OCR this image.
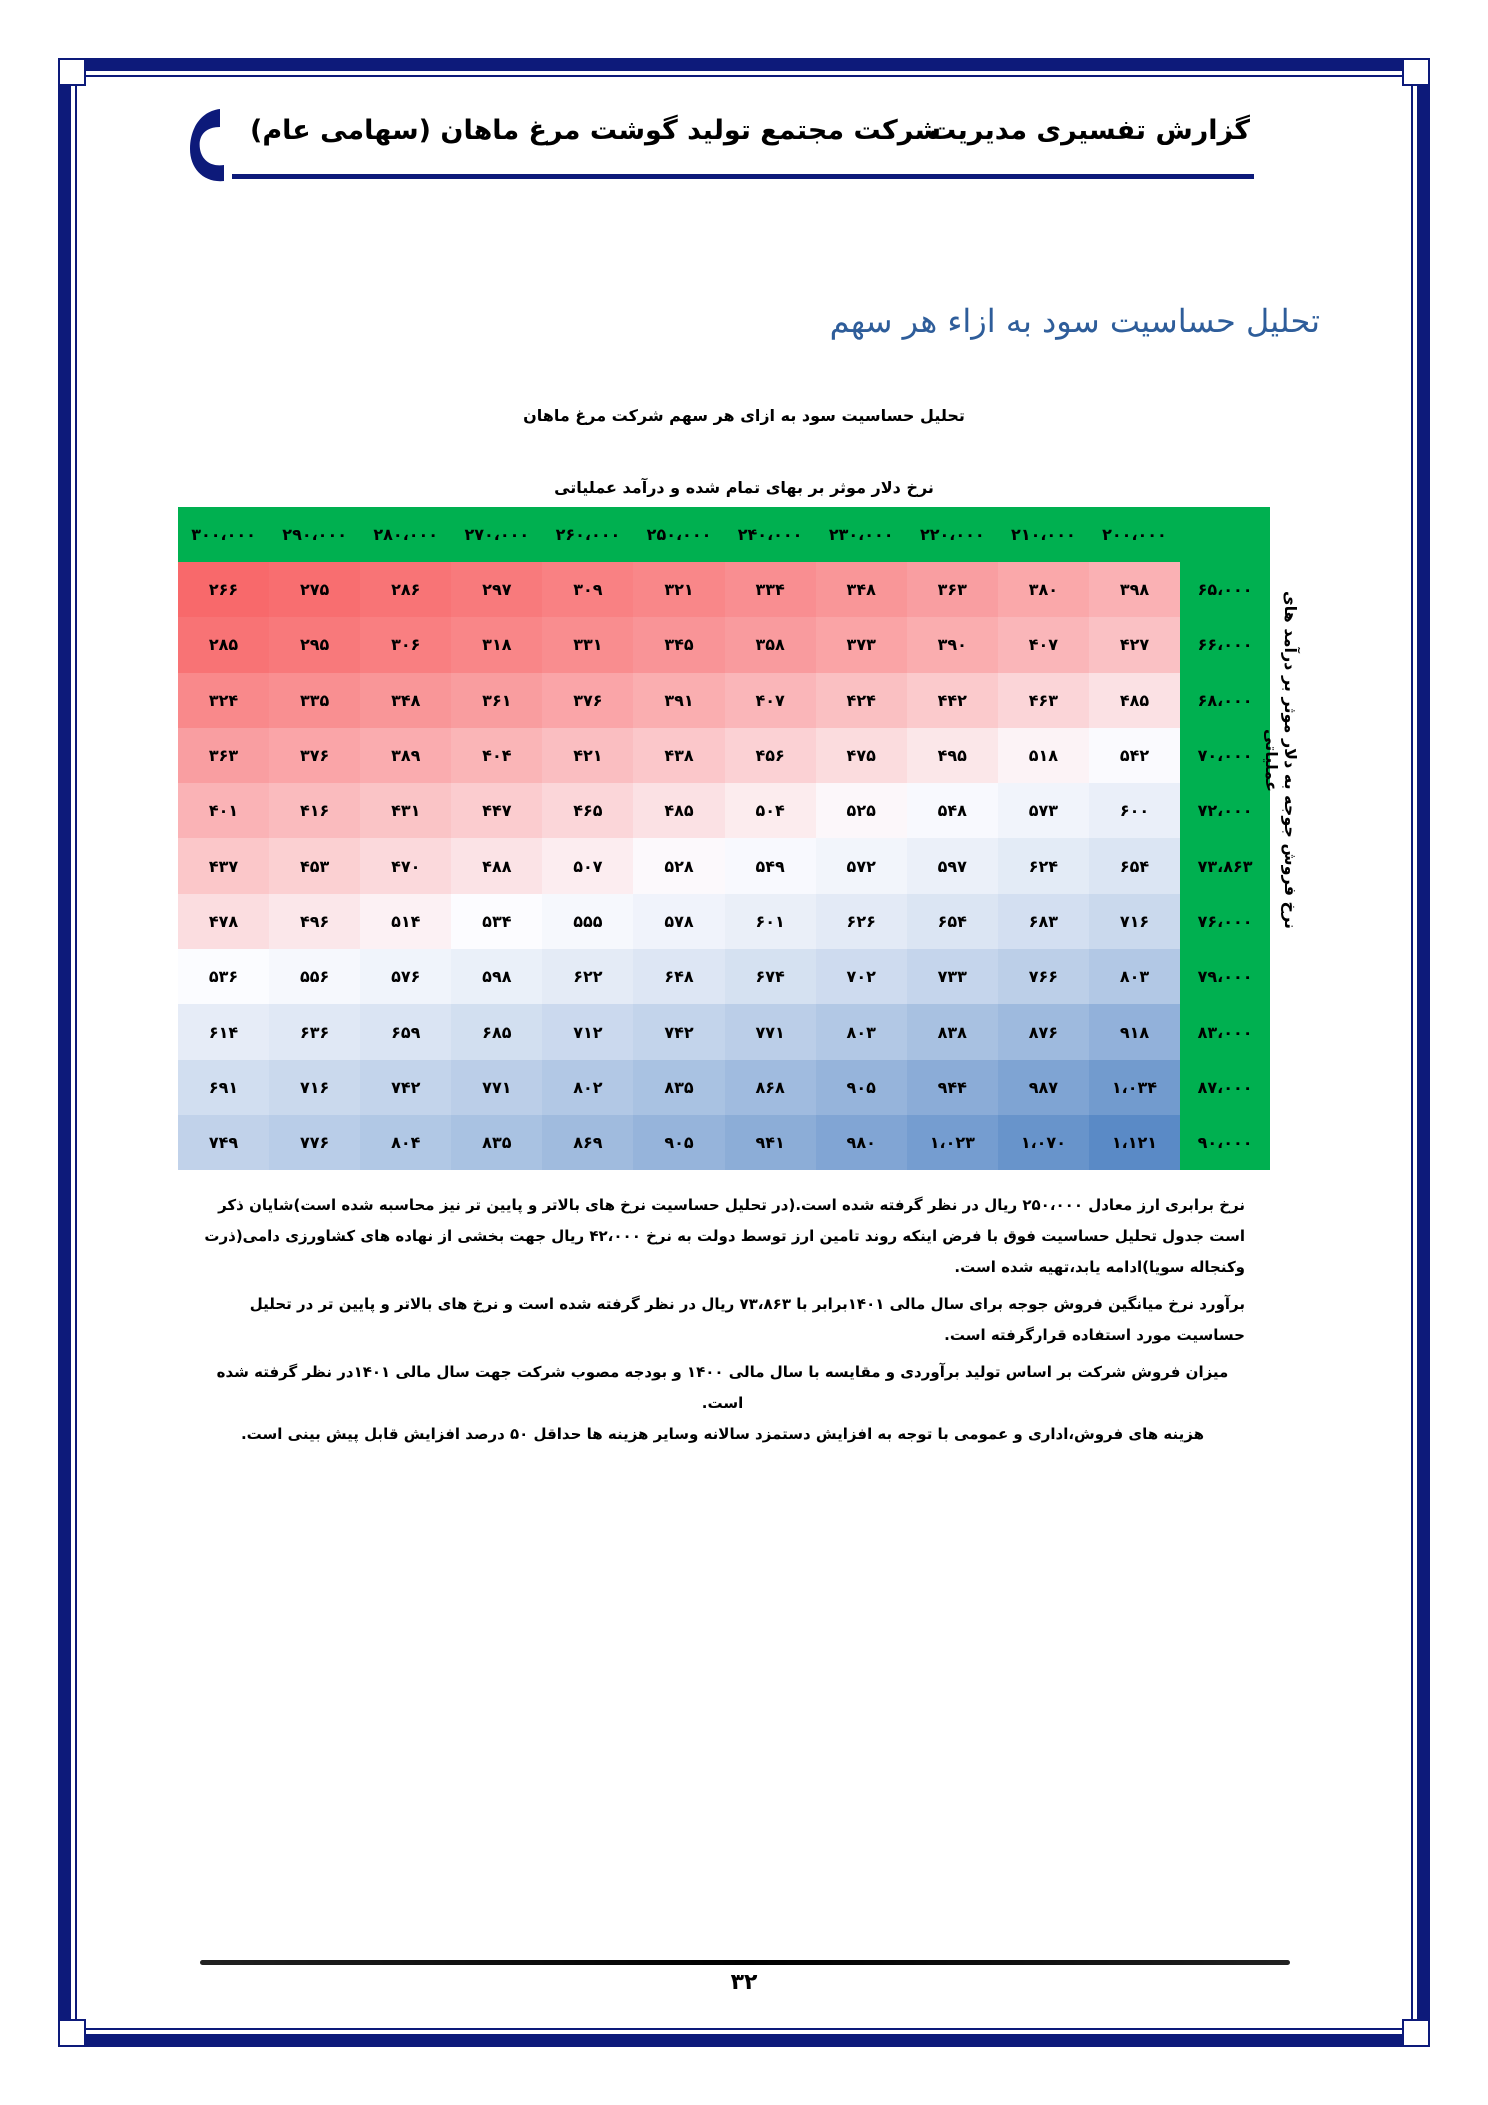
شرکت مجتمع تولید گوشت مرغ ماهان (سهامی عام)
گزارش تفسیری مدیریت
تحلیل حساسیت سود به ازاء هر سهم
تحلیل حساسیت سود به ازای هر سهم شرکت مرغ ماهان
نرخ دلار موثر بر بهای تمام شده و درآمد عملیاتی
۳۰۰،۰۰۰	۲۹۰،۰۰۰	۲۸۰،۰۰۰	۲۷۰،۰۰۰	۲۶۰،۰۰۰	۲۵۰،۰۰۰	۲۴۰،۰۰۰	۲۳۰،۰۰۰	۲۲۰،۰۰۰	۲۱۰،۰۰۰	۲۰۰،۰۰۰
۲۶۶	۲۷۵	۲۸۶	۲۹۷	۳۰۹	۳۲۱	۳۳۴	۳۴۸	۳۶۳	۳۸۰	۳۹۸	۶۵،۰۰۰
۲۸۵	۲۹۵	۳۰۶	۳۱۸	۳۳۱	۳۴۵	۳۵۸	۳۷۳	۳۹۰	۴۰۷	۴۲۷	۶۶،۰۰۰
۳۲۴	۳۳۵	۳۴۸	۳۶۱	۳۷۶	۳۹۱	۴۰۷	۴۲۴	۴۴۲	۴۶۳	۴۸۵	۶۸،۰۰۰
۳۶۳	۳۷۶	۳۸۹	۴۰۴	۴۲۱	۴۳۸	۴۵۶	۴۷۵	۴۹۵	۵۱۸	۵۴۲	۷۰،۰۰۰
۴۰۱	۴۱۶	۴۳۱	۴۴۷	۴۶۵	۴۸۵	۵۰۴	۵۲۵	۵۴۸	۵۷۳	۶۰۰	۷۲،۰۰۰
۴۳۷	۴۵۳	۴۷۰	۴۸۸	۵۰۷	۵۲۸	۵۴۹	۵۷۲	۵۹۷	۶۲۴	۶۵۴	۷۳،۸۶۳
۴۷۸	۴۹۶	۵۱۴	۵۳۴	۵۵۵	۵۷۸	۶۰۱	۶۲۶	۶۵۴	۶۸۳	۷۱۶	۷۶،۰۰۰
۵۳۶	۵۵۶	۵۷۶	۵۹۸	۶۲۲	۶۴۸	۶۷۴	۷۰۲	۷۳۳	۷۶۶	۸۰۳	۷۹،۰۰۰
۶۱۴	۶۳۶	۶۵۹	۶۸۵	۷۱۲	۷۴۲	۷۷۱	۸۰۳	۸۳۸	۸۷۶	۹۱۸	۸۳،۰۰۰
۶۹۱	۷۱۶	۷۴۲	۷۷۱	۸۰۲	۸۳۵	۸۶۸	۹۰۵	۹۴۴	۹۸۷	۱،۰۳۴	۸۷،۰۰۰
۷۴۹	۷۷۶	۸۰۴	۸۳۵	۸۶۹	۹۰۵	۹۴۱	۹۸۰	۱،۰۲۳	۱،۰۷۰	۱،۱۲۱	۹۰،۰۰۰
نرخ فروش جوجه به دلار موثر بر درآمد های عملیاتی

نرخ برابری ارز معادل ۲۵۰،۰۰۰ ریال در نظر گرفته شده است.(در تحلیل حساسیت نرخ های بالاتر و پایین تر نیز محاسبه شده است)شایان ذکر است جدول تحلیل حساسیت فوق با فرض اینکه روند تامین ارز توسط دولت به نرخ ۴۲،۰۰۰ ریال جهت بخشی از نهاده های کشاورزی دامی(ذرت وکنجاله سویا)ادامه یابد،تهیه شده است.

برآورد نرخ میانگین فروش جوجه برای سال مالی ۱۴۰۱برابر با ۷۳،۸۶۳ ریال در نظر گرفته شده است و نرخ های بالاتر و پایین تر در تحلیل حساسیت مورد استفاده قرارگرفته است.

میزان فروش شرکت بر اساس تولید برآوردی و مقایسه با سال مالی ۱۴۰۰ و بودجه مصوب شرکت جهت سال مالی ۱۴۰۱در نظر گرفته شده است.

هزینه های فروش،اداری و عمومی با توجه به افزایش دستمزد سالانه وسایر هزینه ها حداقل ۵۰ درصد افزایش قابل پیش بینی است.

۳۲
